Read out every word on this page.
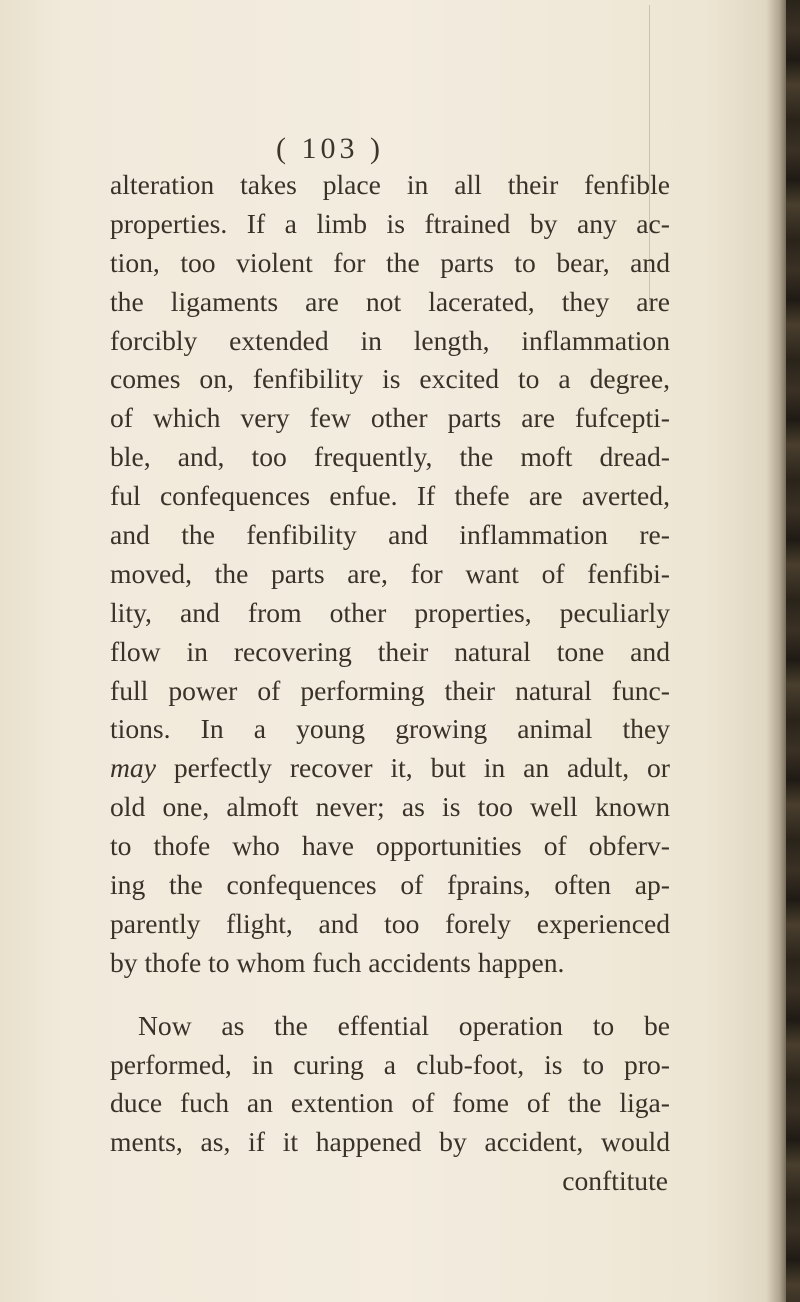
( 103 )
alteration takes place in all their fenfible
properties. If a limb is ftrained by any ac-
tion, too violent for the parts to bear, and
the ligaments are not lacerated, they are
forcibly extended in length, inflammation
comes on, fenfibility is excited to a degree,
of which very few other parts are fufcepti-
ble, and, too frequently, the moft dread-
ful confequences enfue. If thefe are averted,
and the fenfibility and inflammation re-
moved, the parts are, for want of fenfibi-
lity, and from other properties, peculiarly
flow in recovering their natural tone and
full power of performing their natural func-
tions. In a young growing animal they
may perfectly recover it, but in an adult, or
old one, almoft never; as is too well known
to thofe who have opportunities of obferv-
ing the confequences of fprains, often ap-
parently flight, and too forely experienced
by thofe to whom fuch accidents happen.
Now as the effential operation to be
performed, in curing a club-foot, is to pro-
duce fuch an extention of fome of the liga-
ments, as, if it happened by accident, would
conftitute
